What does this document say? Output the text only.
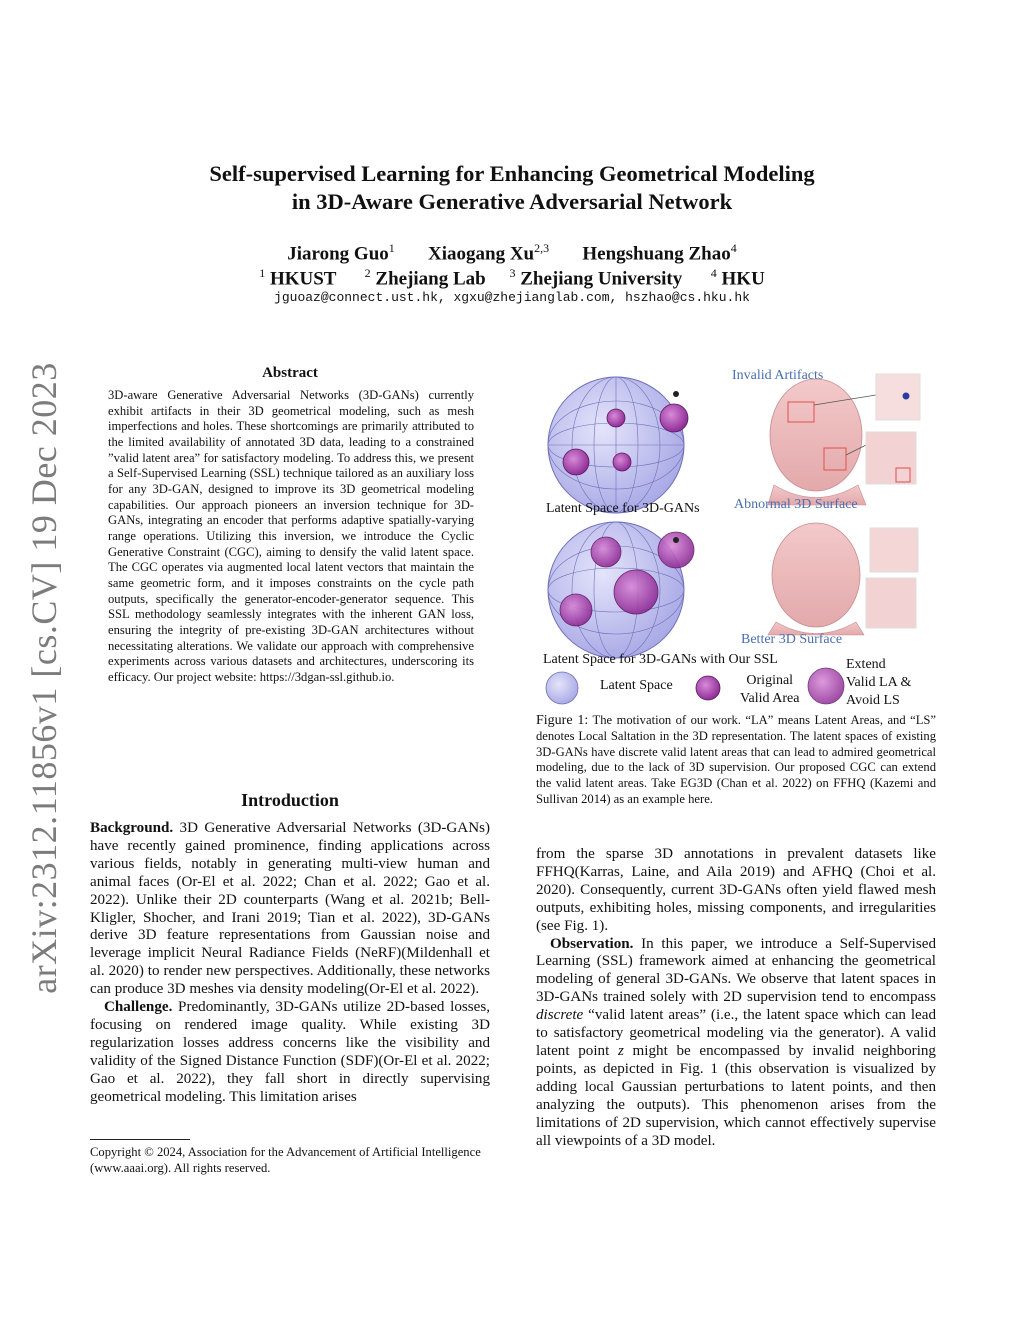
arXiv:2312.11856v1 [cs.CV] 19 Dec 2023
Self-supervised Learning for Enhancing Geometrical Modeling
in 3D-Aware Generative Adversarial Network
Jiarong Guo$^1$ Xiaogang Xu$^{2,3}$ Hengshuang Zhao$^4$
$^1$ HKUST $^2$ Zhejiang Lab $^3$ Zhejiang University $^4$ HKU
jguoaz@connect.ust.hk, xgxu@zhejianglab.com, hszhao@cs.hku.hk
Abstract
3D-aware Generative Adversarial Networks (3D-GANs) currently exhibit artifacts in their 3D geometrical modeling, such as mesh imperfections and holes. These shortcomings are primarily attributed to the limited availability of annotated 3D data, leading to a constrained ”valid latent area” for satisfactory modeling. To address this, we present a Self-Supervised Learning (SSL) technique tailored as an auxiliary loss for any 3D-GAN, designed to improve its 3D geometrical modeling capabilities. Our approach pioneers an inversion technique for 3D-GANs, integrating an encoder that performs adaptive spatially-varying range operations. Utilizing this inversion, we introduce the Cyclic Generative Constraint (CGC), aiming to densify the valid latent space. The CGC operates via augmented local latent vectors that maintain the same geometric form, and it imposes constraints on the cycle path outputs, specifically the generator-encoder-generator sequence. This SSL methodology seamlessly integrates with the inherent GAN loss, ensuring the integrity of pre-existing 3D-GAN architectures without necessitating alterations. We validate our approach with comprehensive experiments across various datasets and architectures, underscoring its efficacy. Our project website: https://3dgan-ssl.github.io.
Introduction

Background. 3D Generative Adversarial Networks (3D-GANs) have recently gained prominence, finding applications across various fields, notably in generating multi-view human and animal faces (Or-El et al. 2022; Chan et al. 2022; Gao et al. 2022). Unlike their 2D counterparts (Wang et al. 2021b; Bell-Kligler, Shocher, and Irani 2019; Tian et al. 2022), 3D-GANs derive 3D feature representations from Gaussian noise and leverage implicit Neural Radiance Fields (NeRF)(Mildenhall et al. 2020) to render new perspectives. Additionally, these networks can produce 3D meshes via density modeling(Or-El et al. 2022).

Challenge. Predominantly, 3D-GANs utilize 2D-based losses, focusing on rendered image quality. While existing 3D regularization losses address concerns like the visibility and validity of the Signed Distance Function (SDF)(Or-El et al. 2022; Gao et al. 2022), they fall short in directly supervising geometrical modeling. This limitation arises

Copyright © 2024, Association for the Advancement of Artificial Intelligence (www.aaai.org). All rights reserved.
Invalid Artifacts
Abnormal 3D Surface
Better 3D Surface
Latent Space for 3D-GANs
Latent Space for 3D-GANs with Our SSL
Latent Space	Original
Valid Area
Extend
Valid LA &
Avoid LS
Figure 1: The motivation of our work. “LA” means Latent Areas, and “LS” denotes Local Saltation in the 3D representation. The latent spaces of existing 3D-GANs have discrete valid latent areas that can lead to admired geometrical modeling, due to the lack of 3D supervision. Our proposed CGC can extend the valid latent areas. Take EG3D (Chan et al. 2022) on FFHQ (Kazemi and Sullivan 2014) as an example here.

from the sparse 3D annotations in prevalent datasets like FFHQ(Karras, Laine, and Aila 2019) and AFHQ (Choi et al. 2020). Consequently, current 3D-GANs often yield flawed mesh outputs, exhibiting holes, missing components, and irregularities (see Fig. 1).

Observation. In this paper, we introduce a Self-Supervised Learning (SSL) framework aimed at enhancing the geometrical modeling of general 3D-GANs. We observe that latent spaces in 3D-GANs trained solely with 2D supervision tend to encompass discrete “valid latent areas” (i.e., the latent space which can lead to satisfactory geometrical modeling via the generator). A valid latent point z might be encompassed by invalid neighboring points, as depicted in Fig. 1 (this observation is visualized by adding local Gaussian perturbations to latent points, and then analyzing the outputs). This phenomenon arises from the limitations of 2D supervision, which cannot effectively supervise all viewpoints of a 3D model.
